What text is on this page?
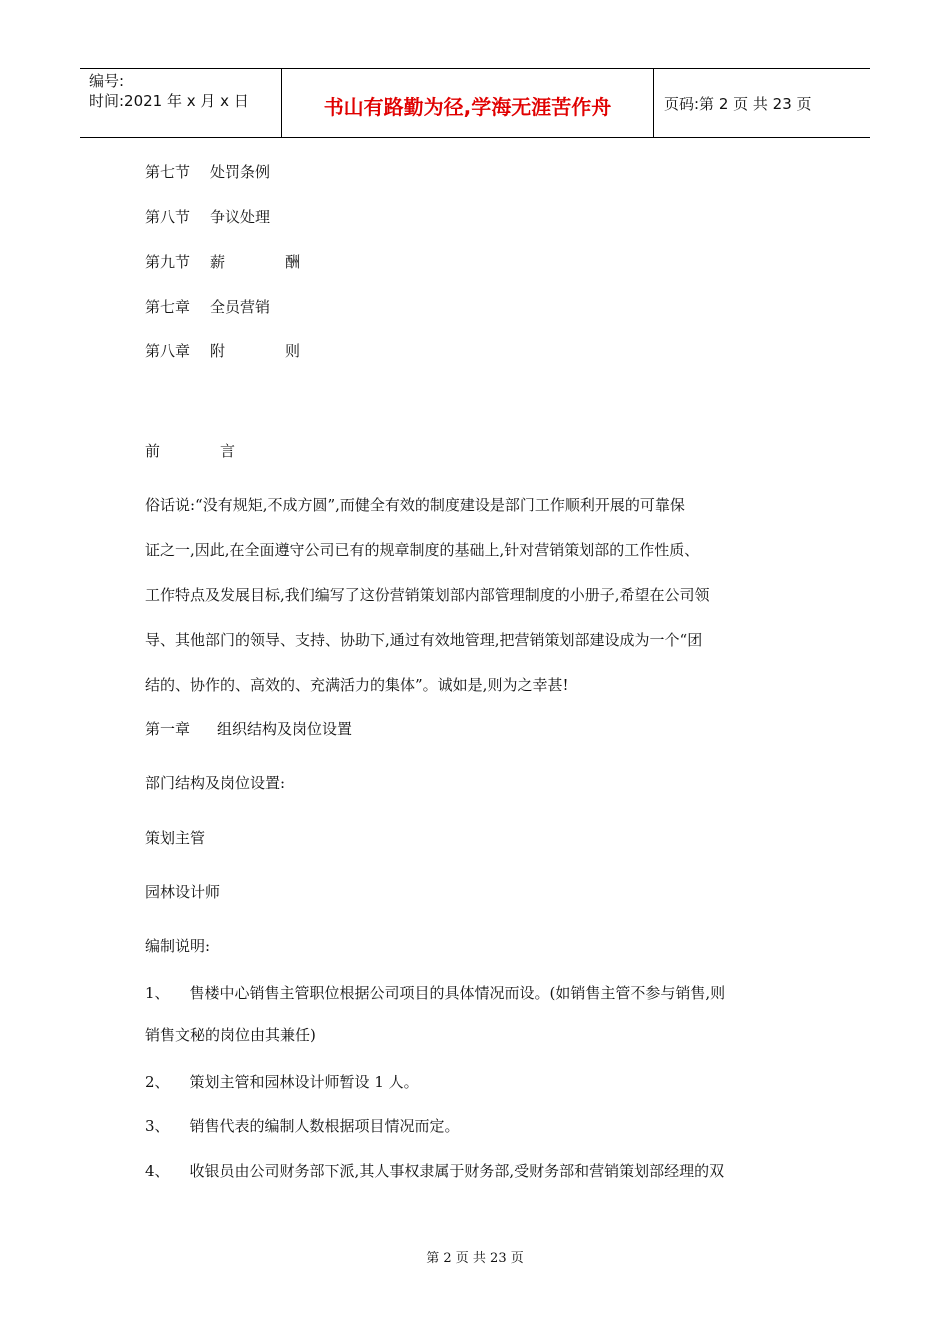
编号:
时间:2021 年 x 月 x 日	书山有路勤为径,学海无涯苦作舟	页码:第 2 页 共 23 页
第七节 处罚条例
第八节 争议处理
第九节 薪	酬
第七章 全员营销
第八章 附	则
前	言
俗话说:“没有规矩,不成方圆”,而健全有效的制度建设是部门工作顺利开展的可靠保
证之一,因此,在全面遵守公司已有的规章制度的基础上,针对营销策划部的工作性质、
工作特点及发展目标,我们编写了这份营销策划部内部管理制度的小册子,希望在公司领
导、其他部门的领导、支持、协助下,通过有效地管理,把营销策划部建设成为一个“团
结的、协作的、高效的、充满活力的集体”。诚如是,则为之幸甚!
第一章 组织结构及岗位设置
部门结构及岗位设置:
策划主管
园林设计师
编制说明:
1、 售楼中心销售主管职位根据公司项目的具体情况而设。(如销售主管不参与销售,则
销售文秘的岗位由其兼任)
2、 策划主管和园林设计师暂设 1 人。
3、 销售代表的编制人数根据项目情况而定。
4、 收银员由公司财务部下派,其人事权隶属于财务部,受财务部和营销策划部经理的双
第 2 页 共 23 页
